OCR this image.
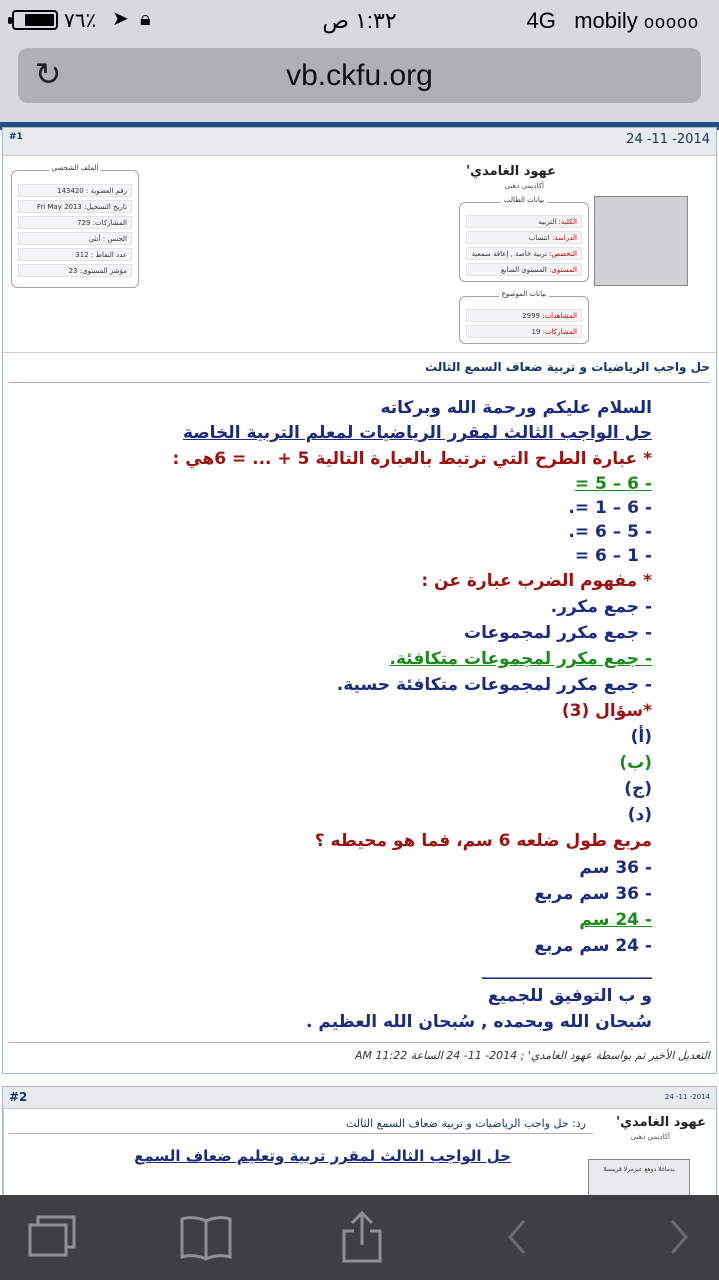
٧٦٪ ➤ 🔒︎	١:٣٢ ص	4G mobily ooooo
vb.ckfu.org
↻
#1	24 -11 -2014
الملف الشخصي
رقم العضوية : 143420
تاريخ التسجيل: Fri May 2013
المشاركات: 729
الجنس : أنثى
عدد النقاط : 312
مؤشر المستوى: 23
عهود الغامدي'
أكاديمي ذهبي
بيانات الطالب
الكلية: التربيه
الدراسة: انتساب
التخصص: تربية خاصة , إعاقة سمعية
المستوى: المستوى السابع
بيانات الموضوع
المشاهدات: 2999
المشاركات: 19
حل واجب الرياضيات و تربية ضعاف السمع الثالث
السلام عليكم ورحمة الله وبركاته
حل الواجب الثالث لمقرر الرياضيات لمعلم التربية الخاصة
* عبارة الطرح التي ترتبط بالعبارة التالية 5 + ... = 6هي :
- 6 – 5 =
- 6 – 1 =.
- 5 – 6 =.
- 1 – 6 =
* مفهوم الضرب عبارة عن :
- جمع مكرر.
- جمع مكرر لمجموعات
- جمع مكرر لمجموعات متكافئة.
- جمع مكرر لمجموعات متكافئة حسية.
*سؤال (3)
(أ)
(ب)
(ج)
(د)
مربع طول ضلعه 6 سم، فما هو محيطه ؟
- 36 سم
- 36 سم مربع
- 24 سم
- 24 سم مربع
____________________
و ب التوفيق للجميع
سُبحان الله وبحمده , سُبحان الله العظيم .
التعديل الأخير تم بواسطة عهود الغامدي' ; 2014- 11- 24 الساعة 11:22 AM
#2	24 -11 -2014
عهود الغامدي'
أكاديمي ذهبي
رد: حل واجب الرياضيات و تربية ضعاف السمع الثالث
حل الواجب الثالث لمقرر تربية وتعليم ضعاف السمع
يدماغلا دوهع عيزمرلا قريبسلا
